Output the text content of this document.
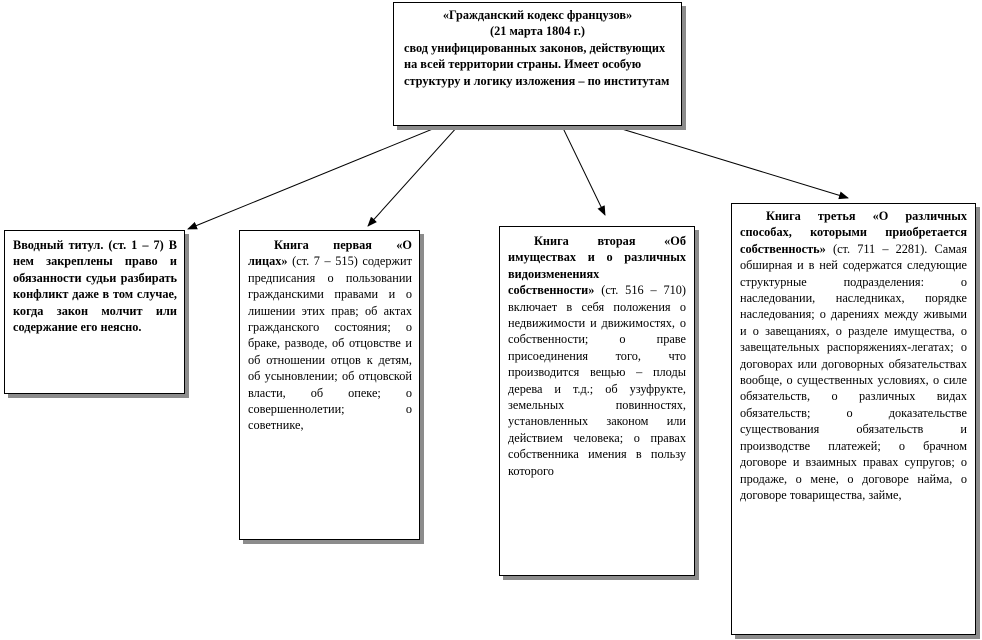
«Гражданский кодекс французов»

(21 марта 1804 г.)

свод унифицированных законов, действующих на всей территории страны. Имеет особую структуру и логику изложения – по институтам

Вводный титул. (ст. 1 – 7) В нем закреплены право и обязанности судьи разбирать конфликт даже в том случае, когда закон молчит или содержание его неясно.

Книга первая «О лицах» (ст. 7 – 515) содержит предписания о пользовании гражданскими правами и о лишении этих прав; об актах гражданского состояния; о браке, разводе, об отцовстве и об отношении отцов к детям, об усыновлении; об отцовской власти, об опеке; о совершеннолетии; о советнике,

Книга вторая «Об имуществах и о различных видоизменениях собственности» (ст. 516 – 710) включает в себя положения о недвижимости и движимостях, о собственности; о праве присоединения того, что производится вещью – плоды дерева и т.д.; об узуфрукте, земельных повинностях, установленных законом или действием человека; о правах собственника имения в пользу которого

Книга третья «О различных способах, которыми приобретается собственность» (ст. 711 – 2281). Самая обширная и в ней содержатся следующие структурные подразделения: о наследовании, наследниках, порядке наследования; о дарениях между живыми и о завещаниях, о разделе имущества, о завещательных распоряжениях-легатах; о договорах или договорных обязательствах вообще, о существенных условиях, о силе обязательств, о различных видах обязательств; о доказательстве существования обязательств и производстве платежей; о брачном договоре и взаимных правах супругов; о продаже, о мене, о договоре найма, о договоре товарищества, займе,
